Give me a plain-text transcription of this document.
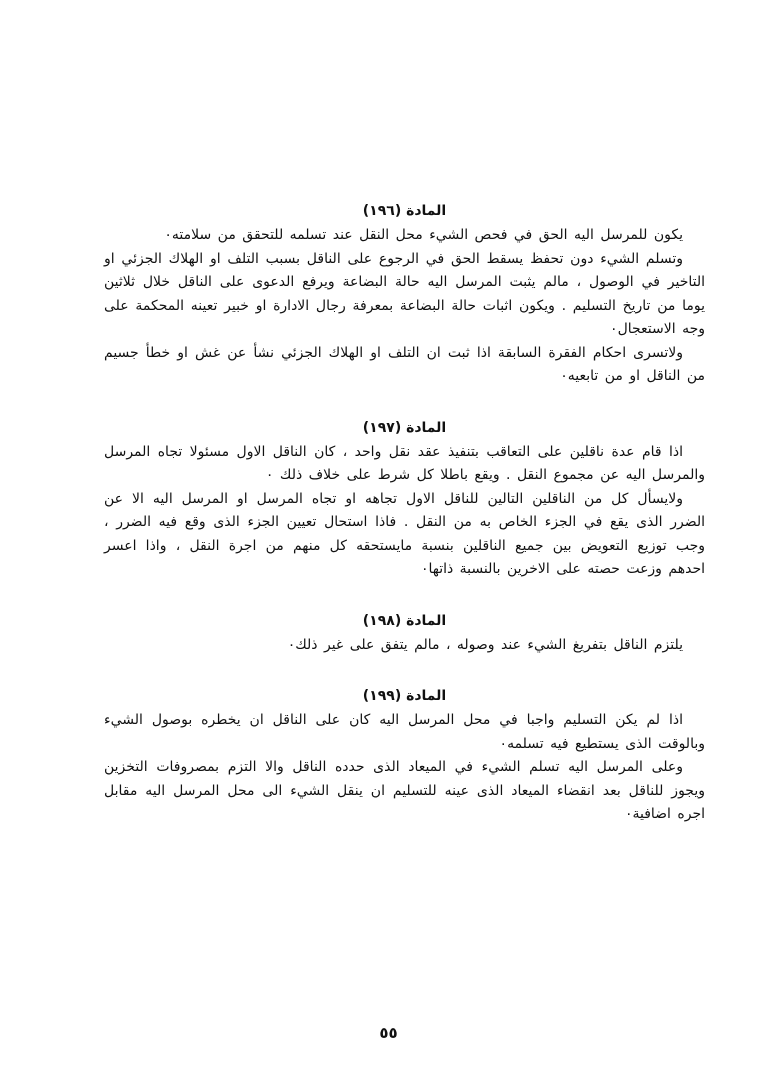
المادة (١٩٦)

يكون للمرسل اليه الحق في فحص الشيء محل النقل عند تسلمه للتحقق من سلامته٠

وتسلم الشيء دون تحفظ يسقط الحق في الرجوع على الناقل بسبب التلف او الهلاك الجزئي او التاخير في الوصول ، مالم يثبت المرسل اليه حالة البضاعة ويرفع الدعوى على الناقل خلال ثلاثين يوما من تاريخ التسليم . ويكون اثبات حالة البضاعة بمعرفة رجال الادارة او خبير تعينه المحكمة على وجه الاستعجال٠

ولاتسرى احكام الفقرة السابقة اذا ثبت ان التلف او الهلاك الجزئي نشأ عن غش او خطأ جسيم من الناقل او من تابعيه٠

المادة (١٩٧)

اذا قام عدة ناقلين على التعاقب بتنفيذ عقد نقل واحد ، كان الناقل الاول مسئولا تجاه المرسل والمرسل اليه عن مجموع النقل . ويقع باطلا كل شرط على خلاف ذلك ٠

ولايسأل كل من الناقلين التالين للناقل الاول تجاهه او تجاه المرسل او المرسل اليه الا عن الضرر الذى يقع في الجزء الخاص به من النقل . فاذا استحال تعيين الجزء الذى وقع فيه الضرر ، وجب توزيع التعويض بين جميع الناقلين بنسبة مايستحقه كل منهم من اجرة النقل ، واذا اعسر احدهم وزعت حصته على الاخرين بالنسبة ذاتها٠

المادة (١٩٨)

يلتزم الناقل بتفريغ الشيء عند وصوله ، مالم يتفق على غير ذلك٠

المادة (١٩٩)

اذا لم يكن التسليم واجبا في محل المرسل اليه كان على الناقل ان يخطره بوصول الشيء وبالوقت الذى يستطيع فيه تسلمه٠

وعلى المرسل اليه تسلم الشيء في الميعاد الذى حدده الناقل والا التزم بمصروفات التخزين ويجوز للناقل بعد انقضاء الميعاد الذى عينه للتسليم ان ينقل الشيء الى محل المرسل اليه مقابل اجره اضافية٠

٥٥
